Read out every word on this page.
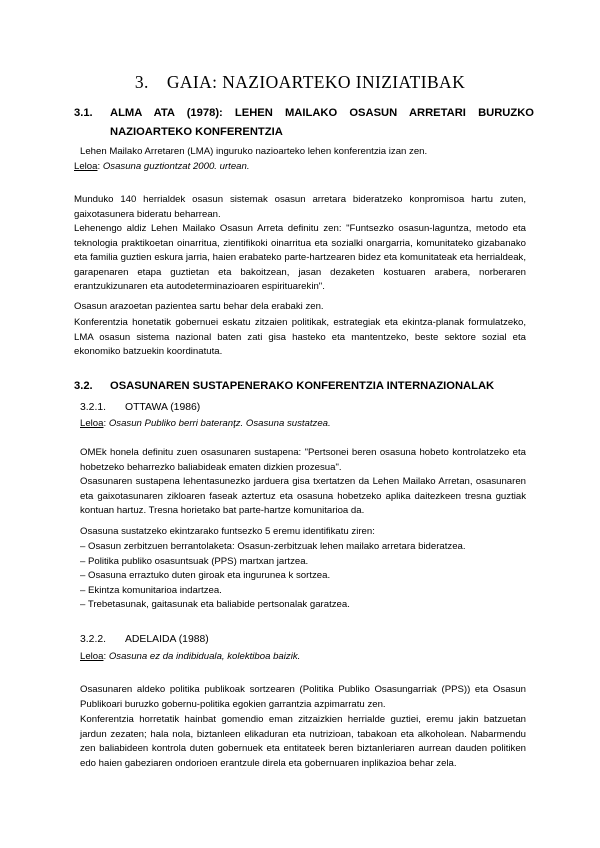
3. GAIA: NAZIOARTEKO INIZIATIBAK
3.1. ALMA ATA (1978): LEHEN MAILAKO OSASUN ARRETARI BURUZKO NAZIOARTEKO KONFERENTZIA
Lehen Mailako Arretaren (LMA) inguruko nazioarteko lehen konferentzia izan zen.
Leloa: Osasuna guztiontzat 2000. urtean.
Munduko 140 herrialdek osasun sistemak osasun arretara bideratzeko konpromisoa hartu zuten, gaixotasunera bideratu beharrean.
Lehenengo aldiz Lehen Mailako Osasun Arreta definitu zen: "Funtsezko osasun-laguntza, metodo eta teknologia praktikoetan oinarritua, zientifikoki oinarritua eta sozialki onargarria, komunitateko gizabanako eta familia guztien eskura jarria, haien erabateko parte-hartzearen bidez eta komunitateak eta herrialdeak, garapenaren etapa guztietan eta bakoitzean, jasan dezaketen kostuaren arabera, norberaren erantzukizunaren eta autodeterminazioaren espirituarekin".
Osasun arazoetan pazientea sartu behar dela erabaki zen.
Konferentzia honetatik gobernuei eskatu zitzaien politikak, estrategiak eta ekintza-planak formulatzeko, LMA osasun sistema nazional baten zati gisa hasteko eta mantentzeko, beste sektore sozial eta ekonomiko batzuekin koordinatuta.
3.2. OSASUNAREN SUSTAPENERAKO KONFERENTZIA INTERNAZIONALAK
3.2.1. OTTAWA (1986)
Leloa: Osasun Publiko berri bateranţz. Osasuna sustatzea.
OMEk honela definitu zuen osasunaren sustapena: "Pertsonei beren osasuna hobeto kontrolatzeko eta hobetzeko beharrezko baliabideak ematen dizkien prozesua".
Osasunaren sustapena lehentasunezko jarduera gisa txertatzen da Lehen Mailako Arretan, osasunaren eta gaixotasunaren zikloaren faseak aztertuz eta osasuna hobetzeko aplika daitezkeen tresna guztiak kontuan hartuz. Tresna horietako bat parte-hartze komunitarioa da.
Osasuna sustatzeko ekintzarako funtsezko 5 eremu identifikatu ziren:
– Osasun zerbitzuen berrantolaketa: Osasun-zerbitzuak lehen mailako arretara bideratzea.
– Politika publiko osasuntsuak (PPS) martxan jartzea.
– Osasuna erraztuko duten giroak eta ingurunea k sortzea.
– Ekintza komunitarioa indartzea.
– Trebetasunak, gaitasunak eta baliabide pertsonalak garatzea.
3.2.2. ADELAIDA (1988)
Leloa: Osasuna ez da indibiduala, kolektiboa baizik.
Osasunaren aldeko politika publikoak sortzearen (Politika Publiko Osasungarriak (PPS)) eta Osasun Publikoari buruzko gobernu-politika egokien garrantzia azpimarratu zen.
Konferentzia horretatik hainbat gomendio eman zitzaizkien herrialde guztiei, eremu jakin batzuetan jardun zezaten; hala nola, biztanleen elikaduran eta nutrizioan, tabakoan eta alkoholean. Nabarmendu zen baliabideen kontrola duten gobernuek eta entitateek beren biztanleriaren aurrean dauden politiken edo haien gabeziaren ondorioen erantzule direla eta gobernuaren inplikazioa behar zela.
